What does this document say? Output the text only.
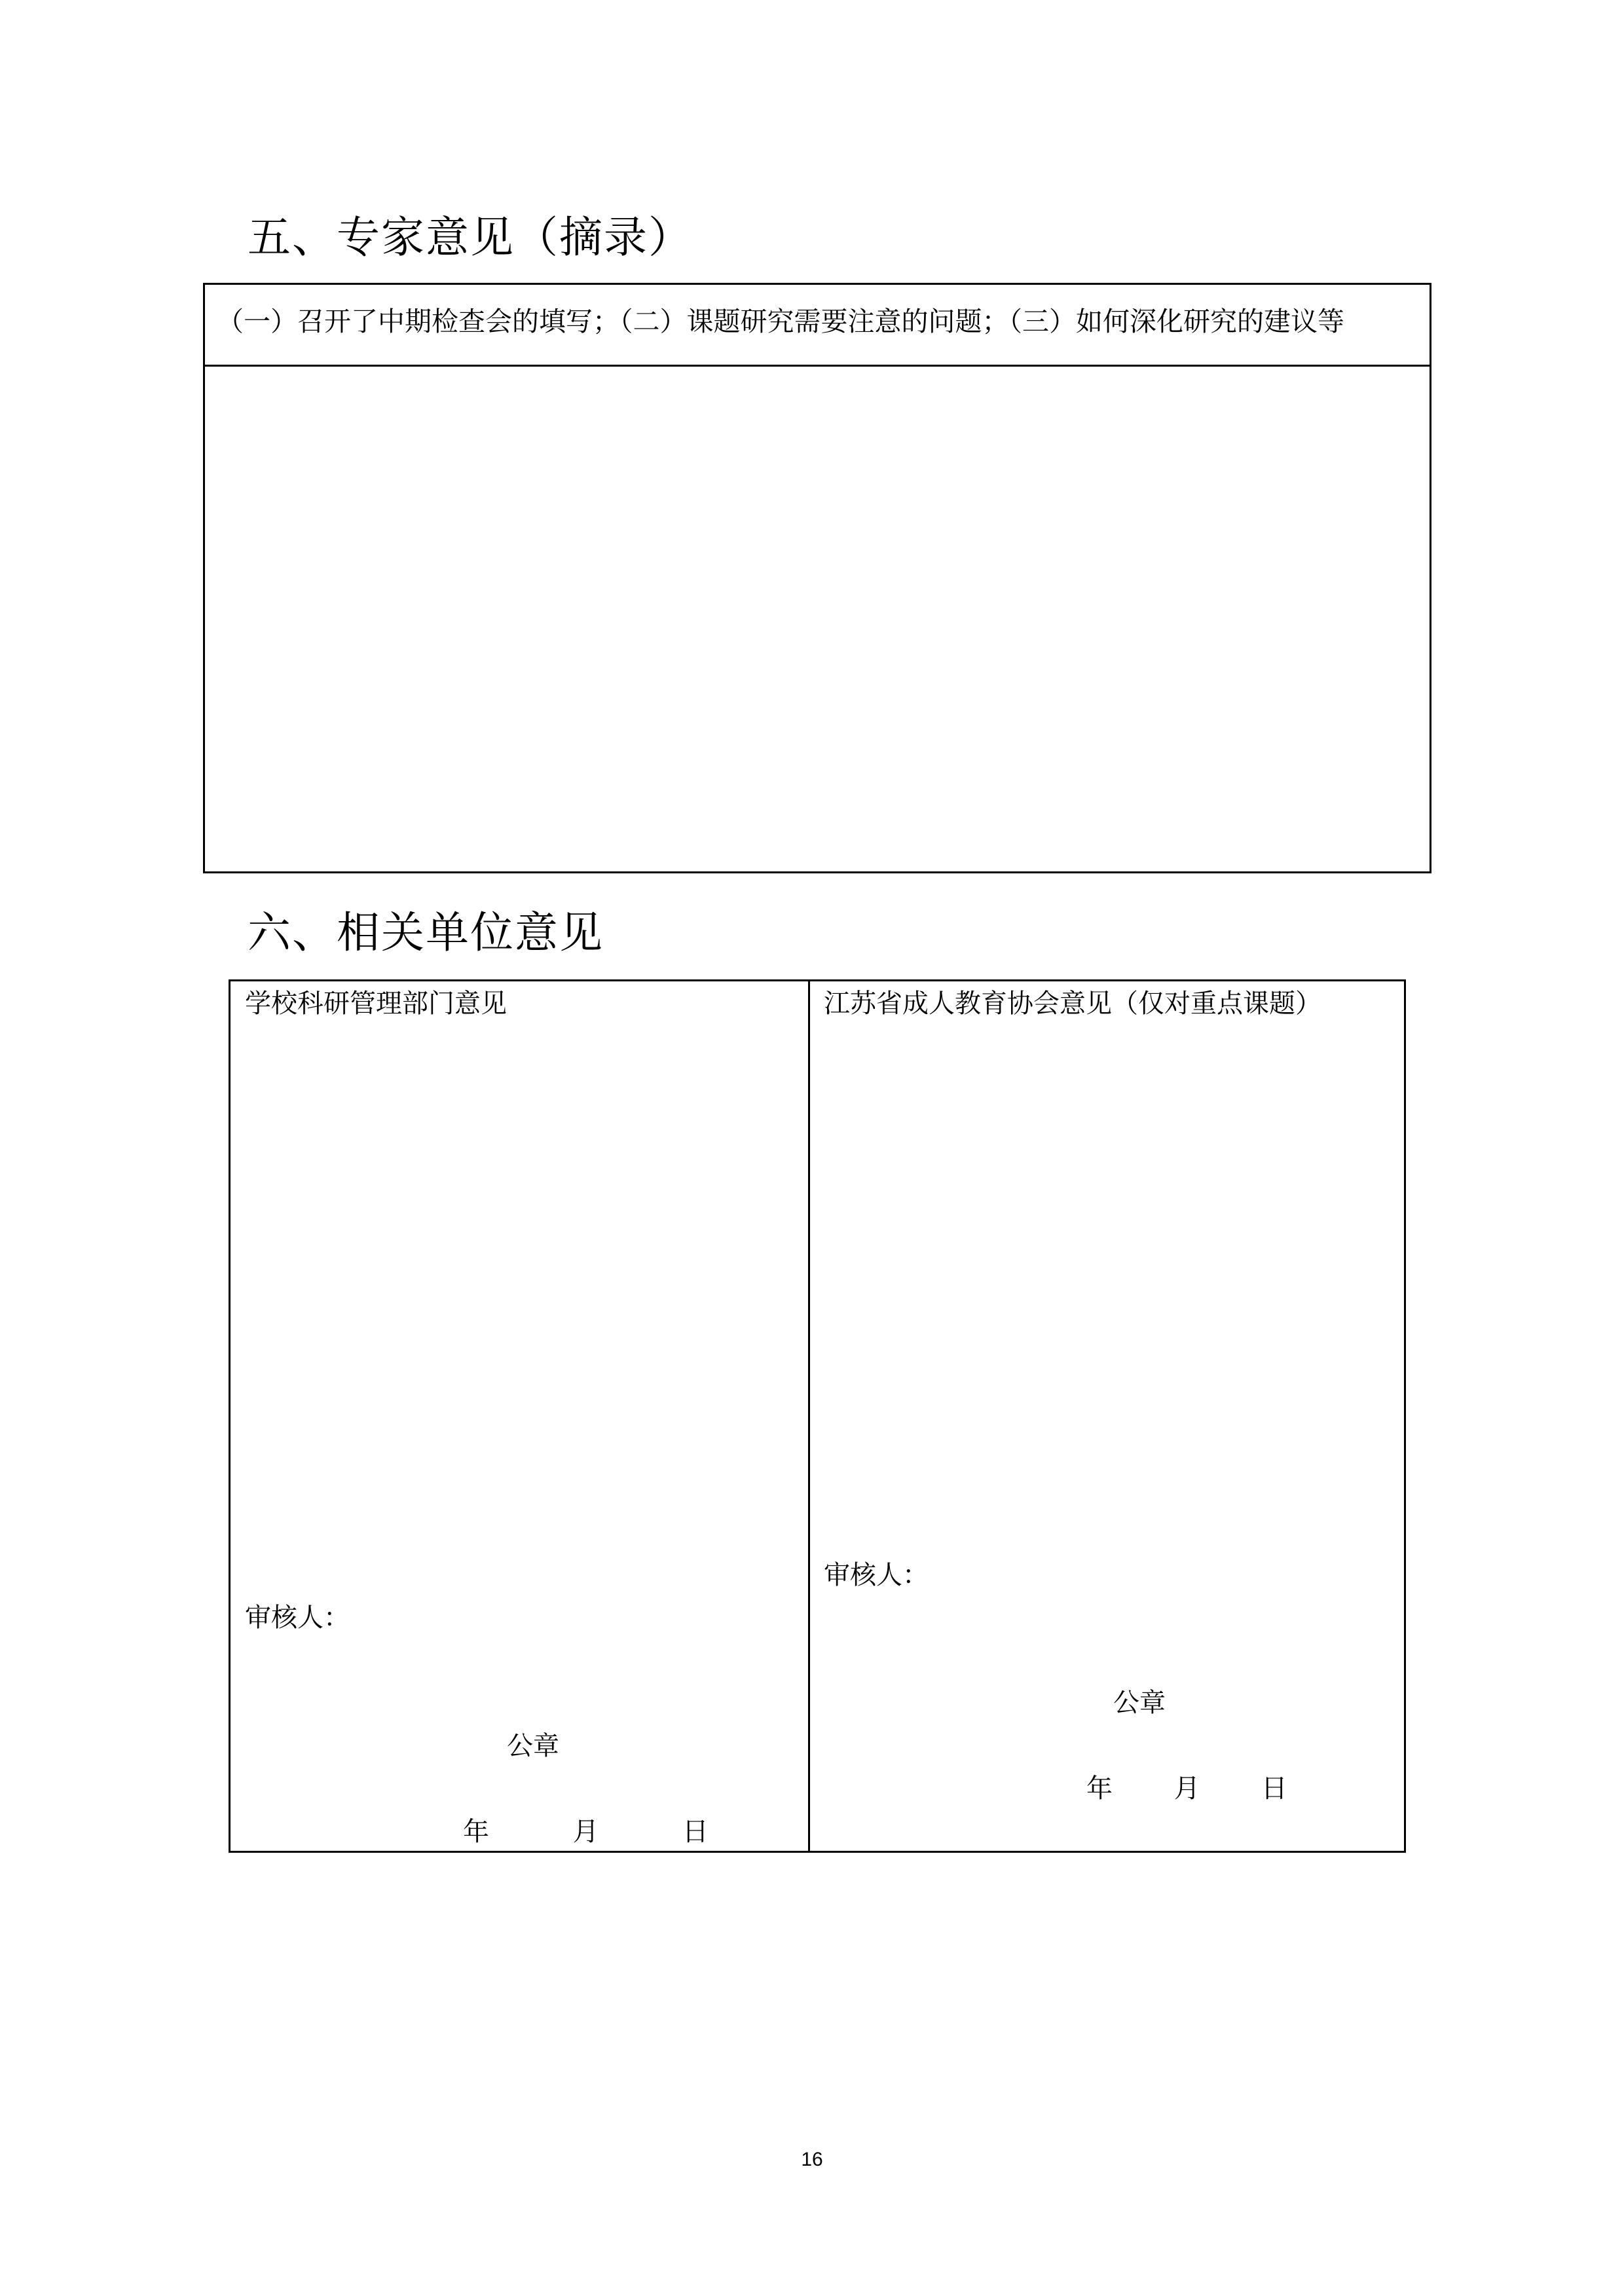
五、专家意见（摘录）
（一）召开了中期检查会的填写；（二）课题研究需要注意的问题；（三）如何深化研究的建议等
六、相关单位意见
学校科研管理部门意见
审核人：
公章
年	月	日
江苏省成人教育协会意见（仅对重点课题）
审核人：
公章
年 月 日
16
